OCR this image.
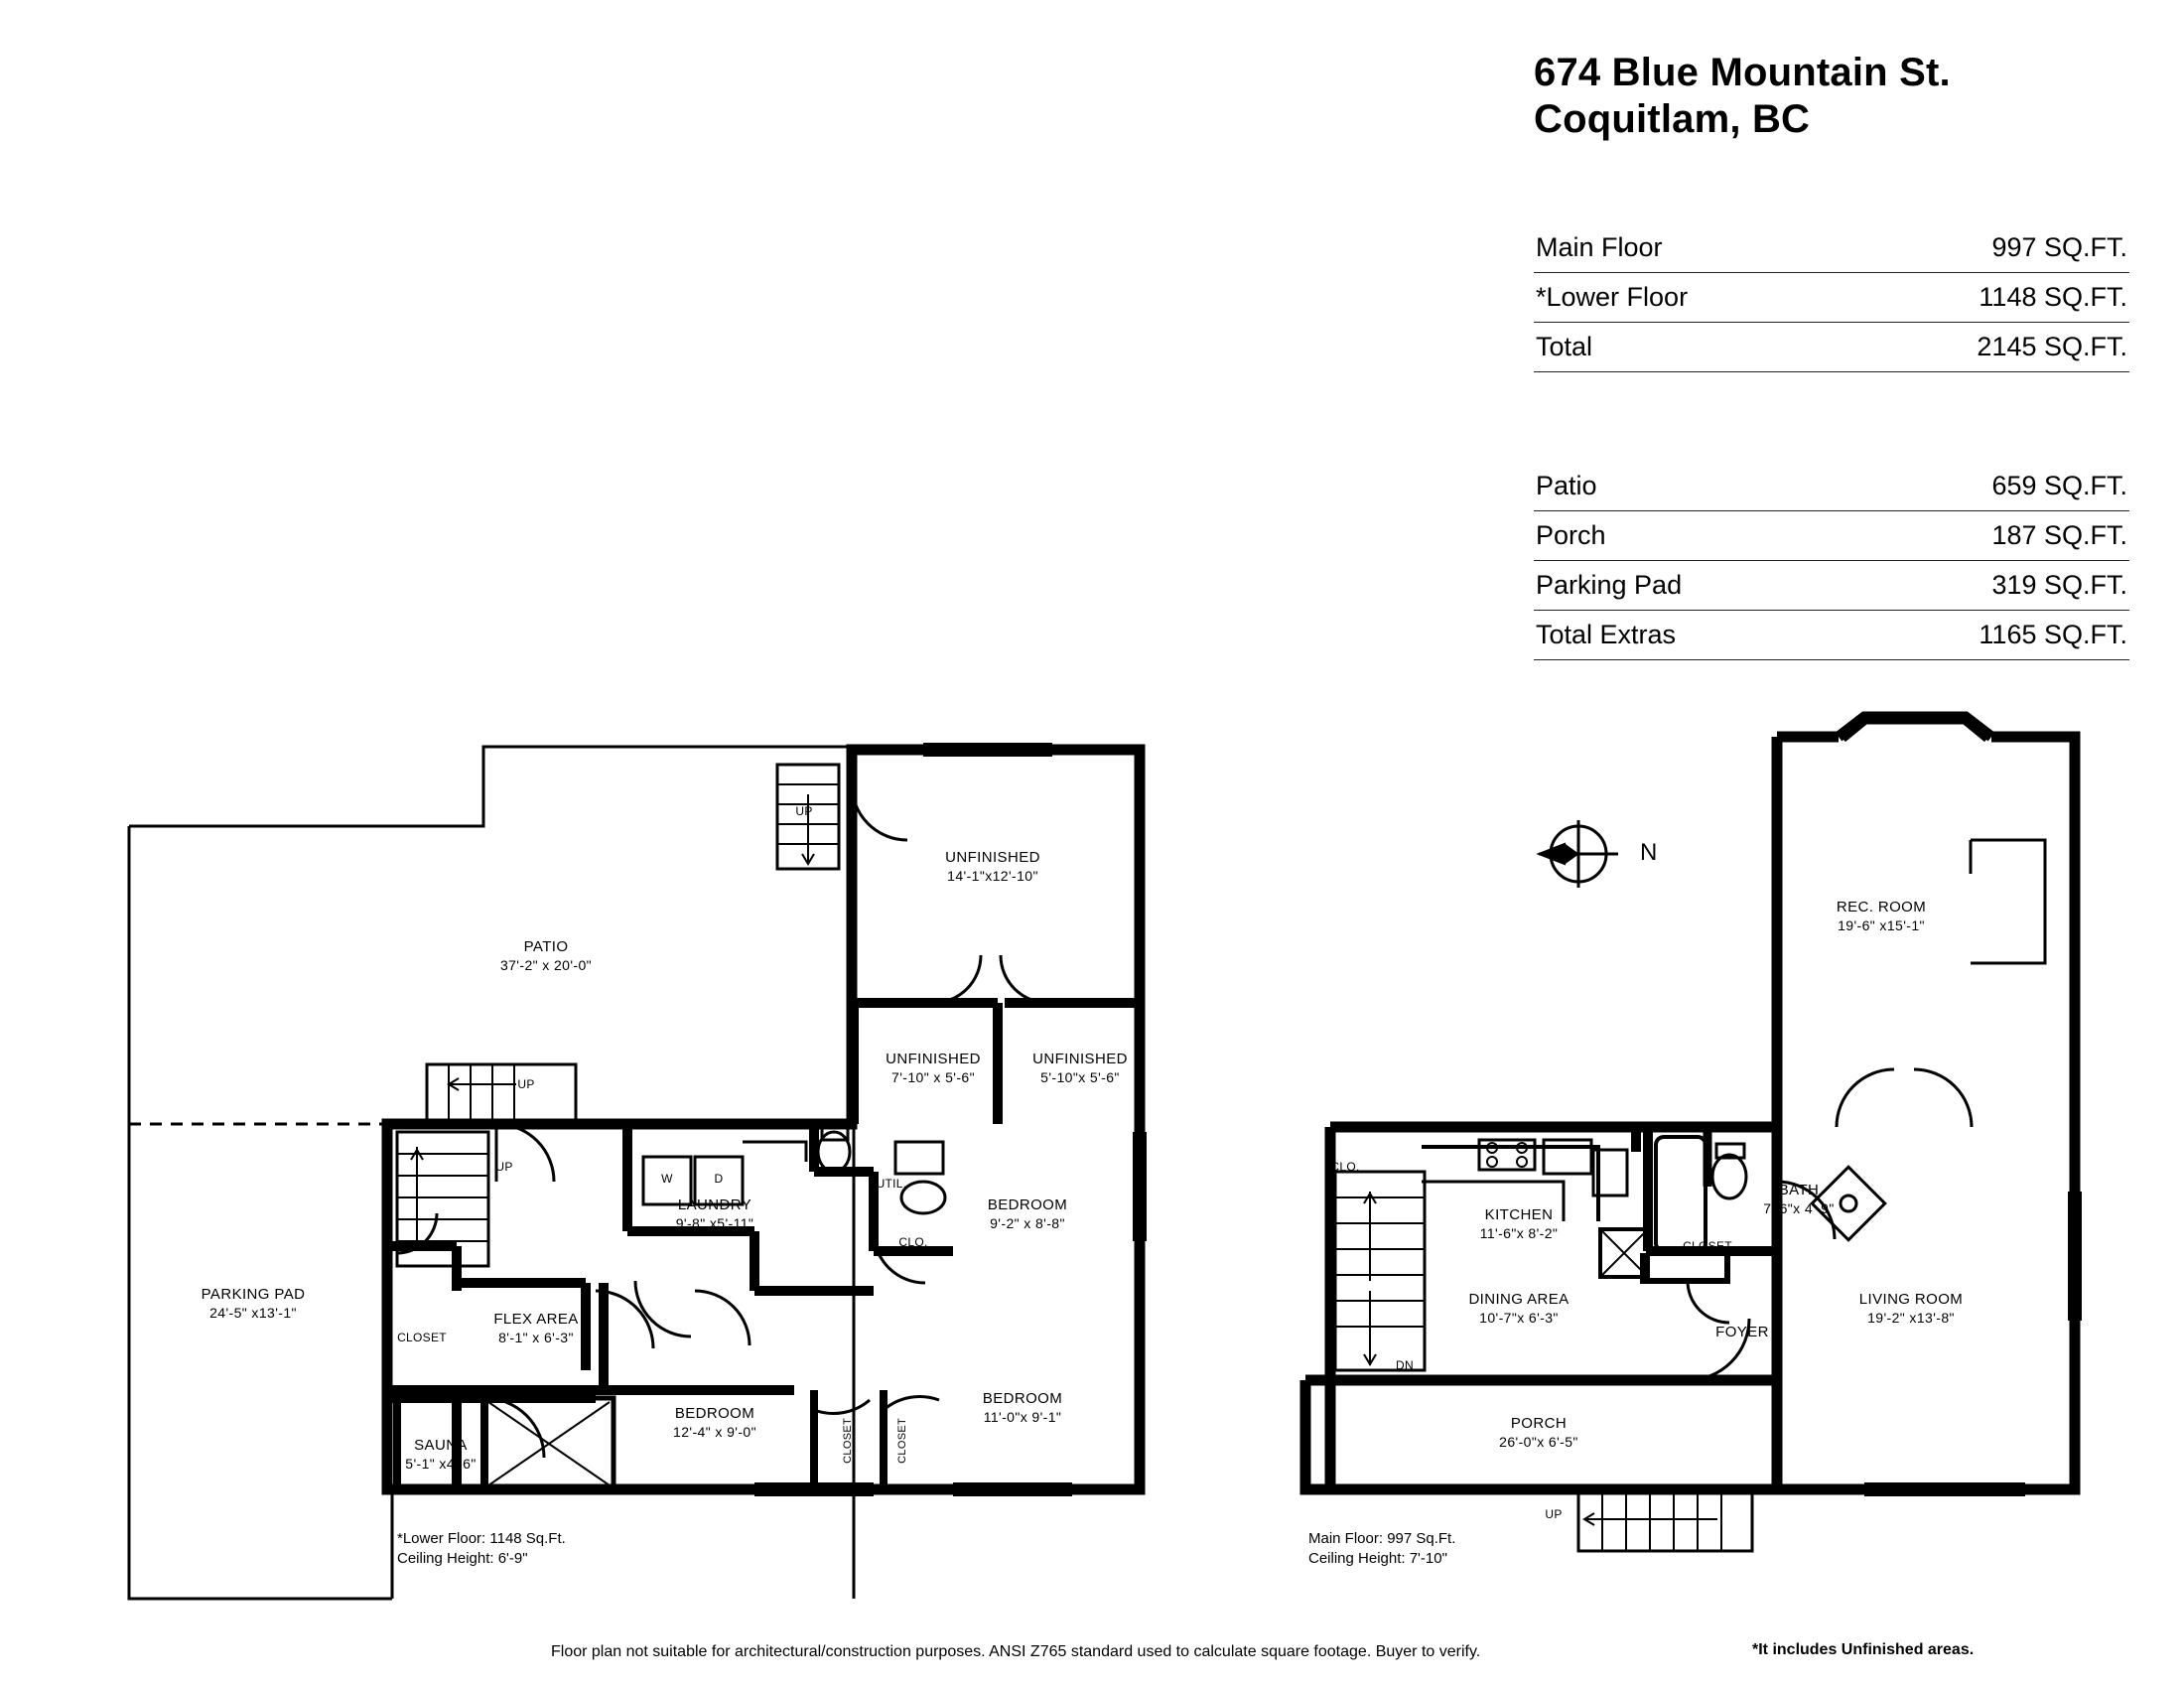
674 Blue Mountain St.
Coquitlam, BC
Main Floor	997 SQ.FT.
*Lower Floor	1148 SQ.FT.
Total	2145 SQ.FT.
Patio	659 SQ.FT.
Porch	187 SQ.FT.
Parking Pad	319 SQ.FT.
Total Extras	1165 SQ.FT.
N
PATIO
37'-2" x 20'-0"
UNFINISHED
14'-1"x12'-10"
UNFINISHED
7'-10" x 5'-6"
UNFINISHED
5'-10"x 5'-6"
LAUNDRY
9'-8" x5'-11"
BEDROOM
9'-2" x 8'-8"
PARKING PAD
24'-5" x13'-1"	FLEX AREA
8'-1" x 6'-3"
BEDROOM
12'-4" x 9'-0"
BEDROOM
11'-0"x 9'-1"
SAUNA
5'-1" x4'-6"
UP
UP
UP
W	D	UTIL.
CLO.
CLOSET
CLOSET	CLOSET
*Lower Floor: 1148 Sq.Ft.
Ceiling Height: 6'-9"
REC. ROOM
19'-6" x15'-1"
KITCHEN
11'-6"x 8'-2"
BATH
7'-6"x 4'-9"
DINING AREA
10'-7"x 6'-3"
LIVING ROOM
19'-2" x13'-8"
PORCH
26'-0"x 6'-5"
CLO.
CLOSET
FOYER
DN
UP
Main Floor: 997 Sq.Ft.
Ceiling Height: 7'-10"
Floor plan not suitable for architectural/construction purposes. ANSI Z765 standard used to calculate square footage. Buyer to verify.	*It includes Unfinished areas.
